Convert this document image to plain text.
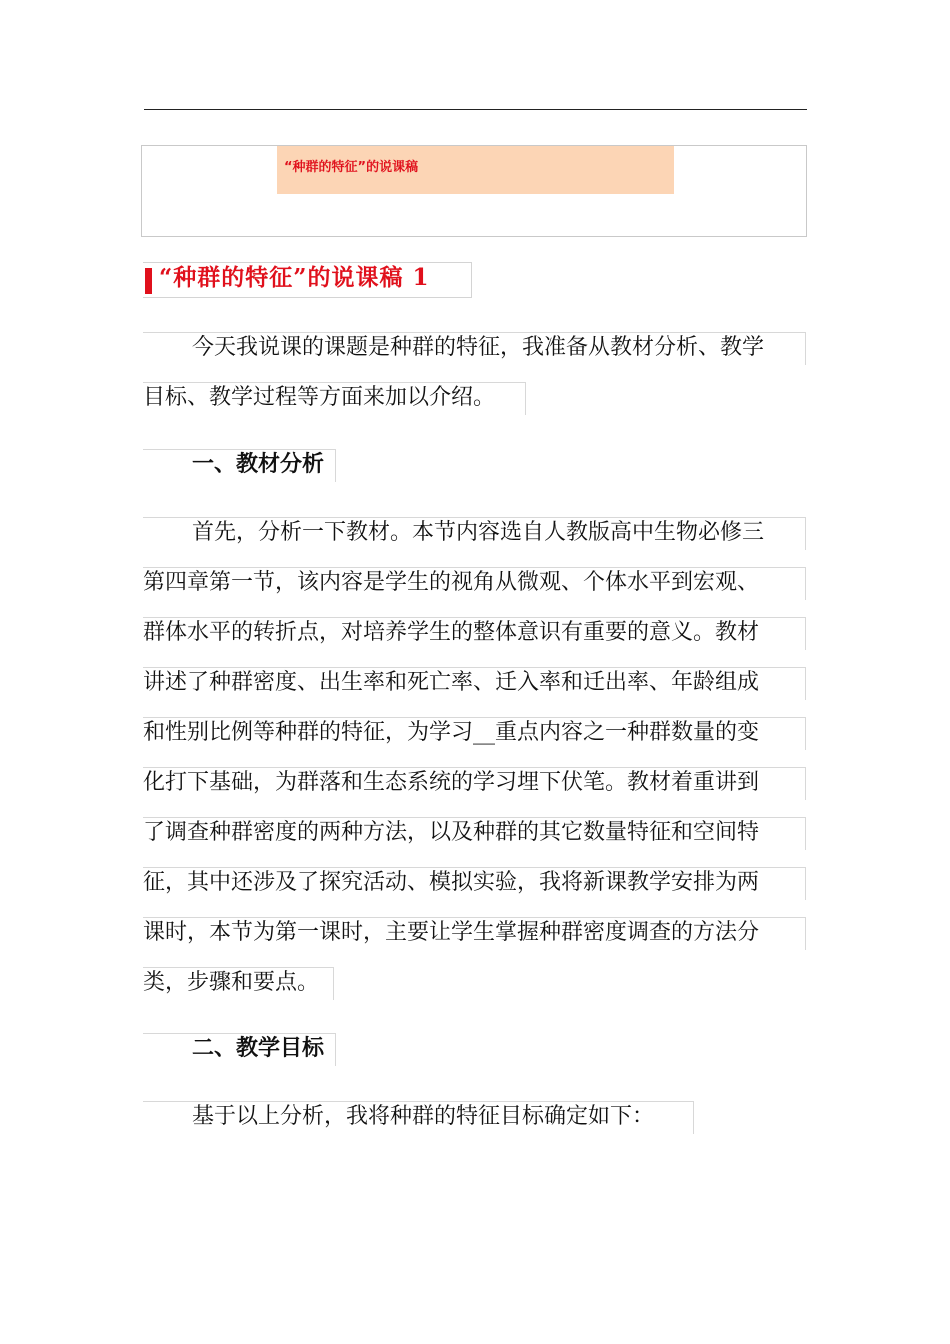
“种群的特征”的说课稿
“种群的特征”的说课稿 1
今天我说课的课题是种群的特征，我准备从教材分析、教学
目标、教学过程等方面来加以介绍。
一、教材分析
首先，分析一下教材。本节内容选自人教版高中生物必修三
第四章第一节，该内容是学生的视角从微观、个体水平到宏观、
群体水平的转折点，对培养学生的整体意识有重要的意义。教材
讲述了种群密度、出生率和死亡率、迁入率和迁出率、年龄组成
和性别比例等种群的特征，为学习__重点内容之一种群数量的变
化打下基础，为群落和生态系统的学习埋下伏笔。教材着重讲到
了调查种群密度的两种方法，以及种群的其它数量特征和空间特
征，其中还涉及了探究活动、模拟实验，我将新课教学安排为两
课时，本节为第一课时，主要让学生掌握种群密度调查的方法分
类，步骤和要点。
二、教学目标
基于以上分析，我将种群的特征目标确定如下：
